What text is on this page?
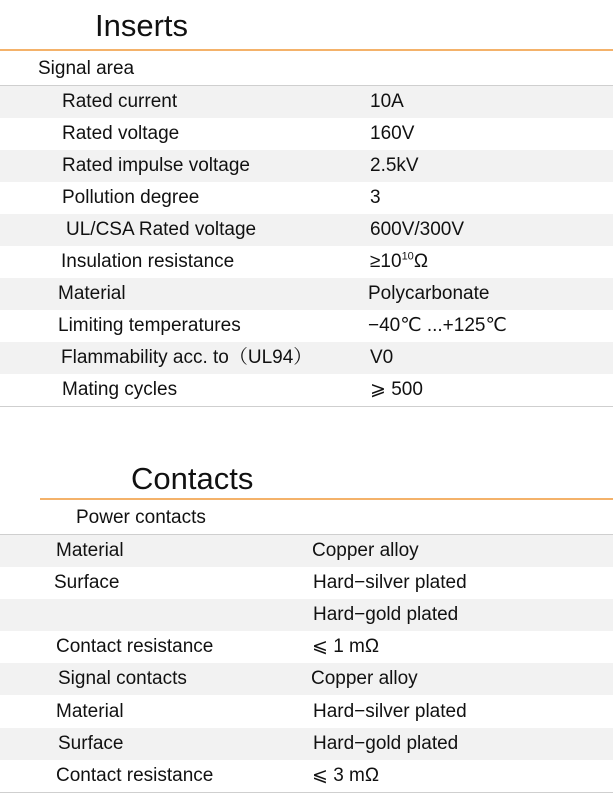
Inserts
Signal area
Rated current	10A
Rated voltage	160V
Rated impulse voltage	2.5kV
Pollution degree	3
UL/CSA Rated voltage	600V/300V
Insulation resistance	$\ge 10^{10}\Omega$
Material	Polycarbonate
Limiting temperatures	−40℃ ...+125℃
Flammability acc. to（UL94）	V0
Mating cycles	⩾ 500
Contacts
Power contacts
Material	Copper alloy
Surface	Hard−silver plated
Hard−gold plated
Contact resistance	⩽ 1 mΩ
Signal contacts	Copper alloy
Material	Hard−silver plated
Surface	Hard−gold plated
Contact resistance	⩽ 3 mΩ
